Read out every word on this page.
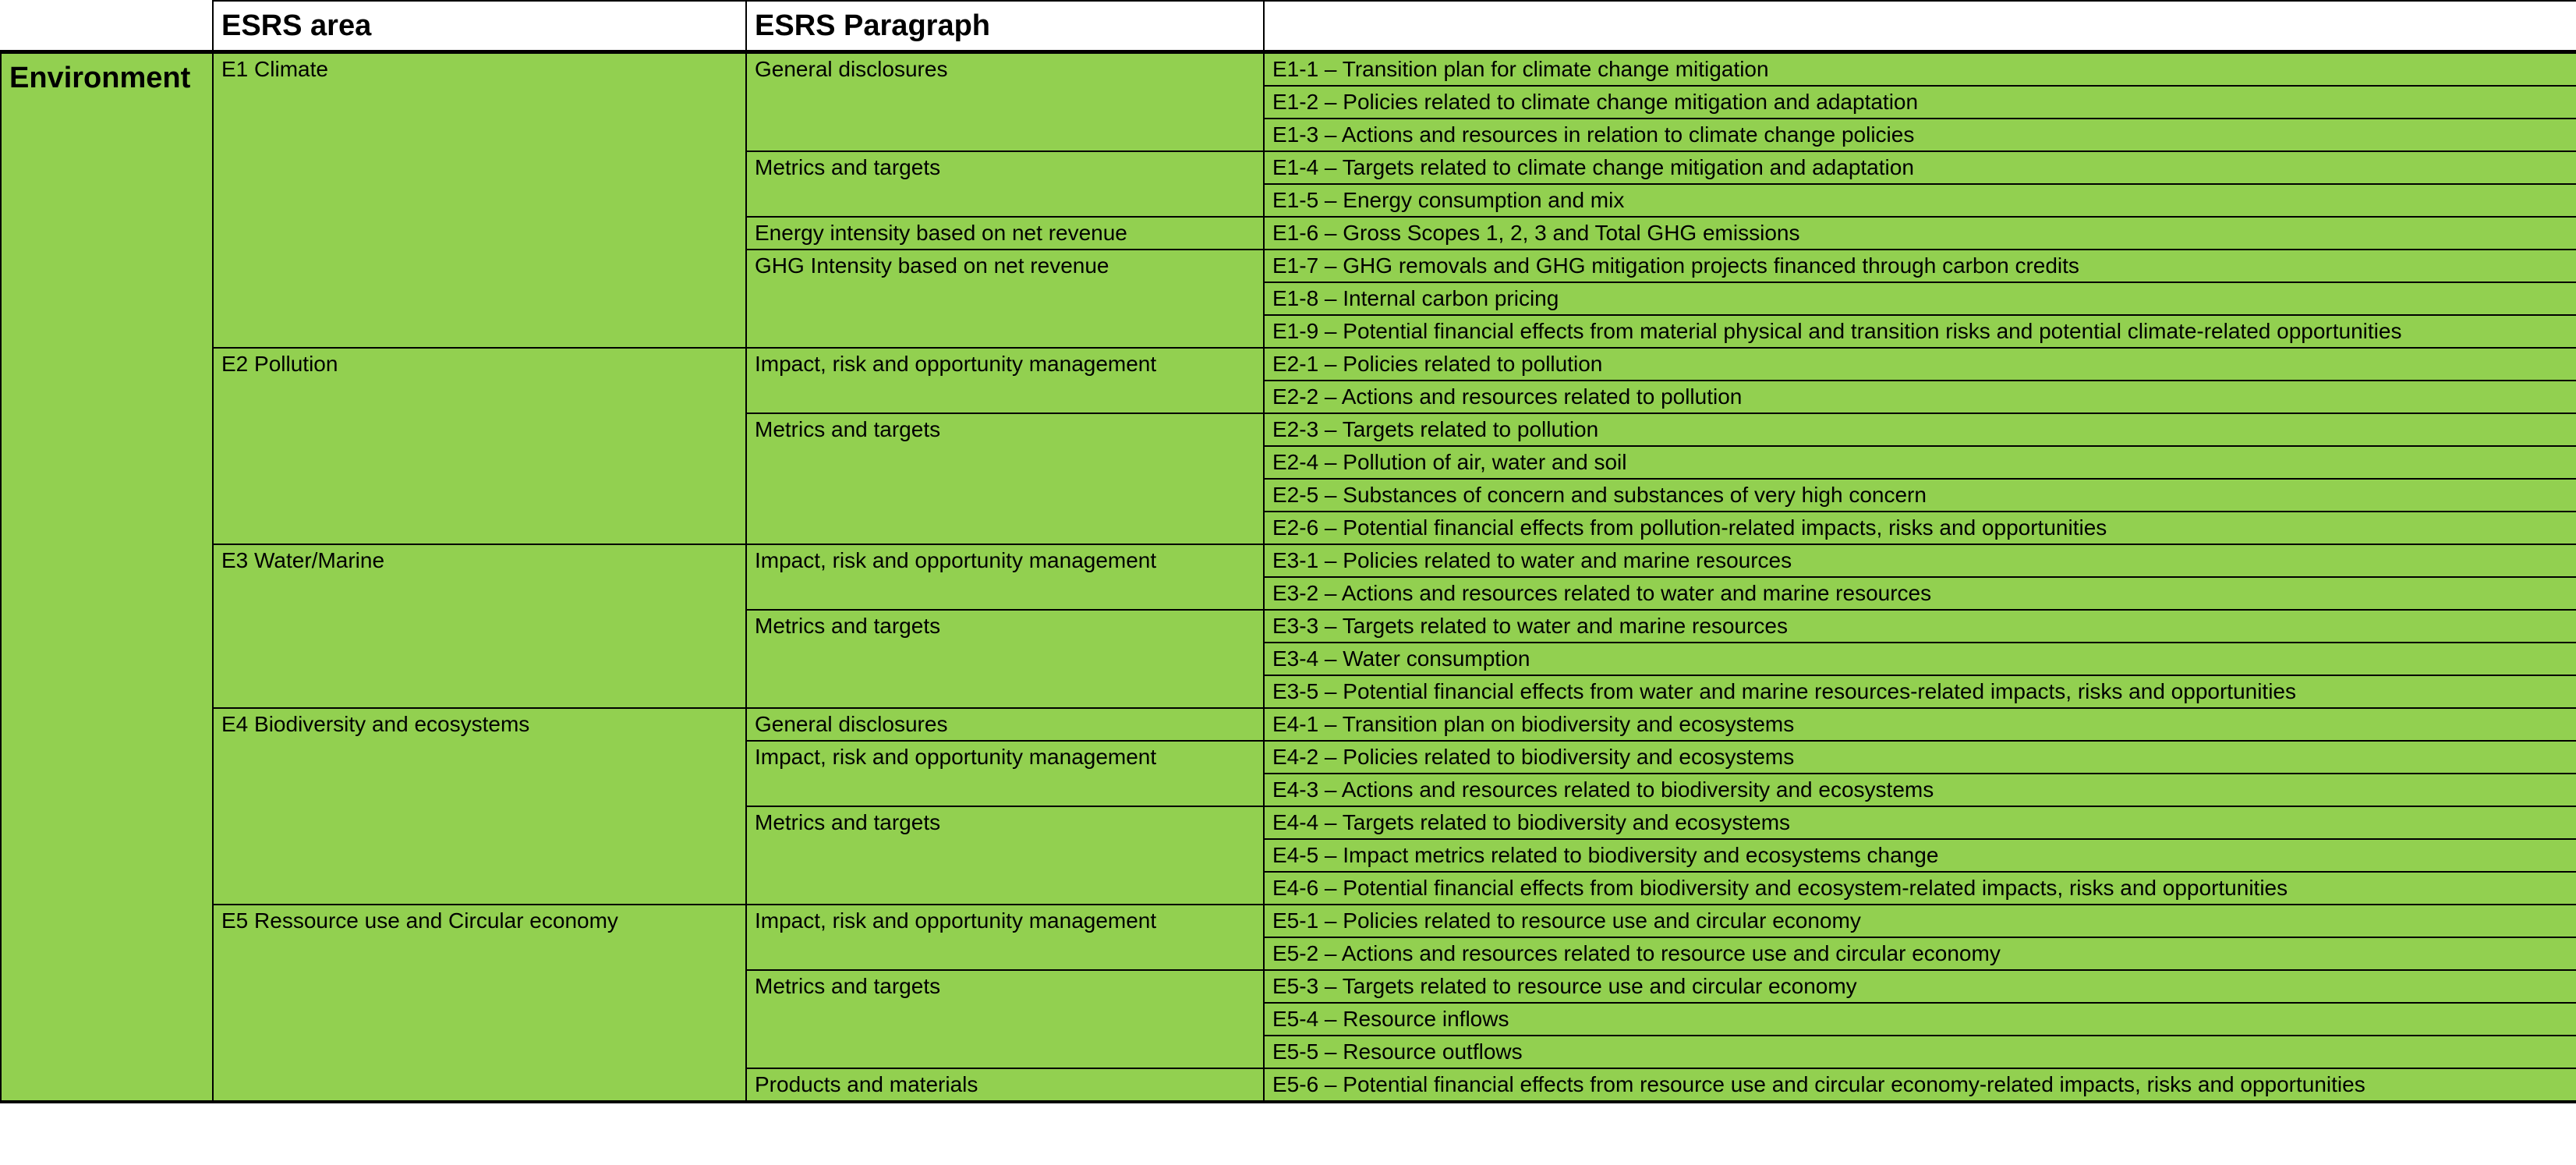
	ESRS area	ESRS Paragraph	
Environment	E1 Climate	General disclosures	E1-1 – Transition plan for climate change mitigation
			E1-2 – Policies related to climate change mitigation and adaptation
			E1-3 – Actions and resources in relation to climate change policies
		Metrics and targets	E1-4 – Targets related to climate change mitigation and adaptation
			E1-5 – Energy consumption and mix
		Energy intensity based on net revenue	E1-6 – Gross Scopes 1, 2, 3 and Total GHG emissions
		GHG Intensity based on net revenue	E1-7 – GHG removals and GHG mitigation projects financed through carbon credits
			E1-8 – Internal carbon pricing
			E1-9 – Potential financial effects from material physical and transition risks and potential climate-related opportunities
	E2 Pollution	Impact, risk and opportunity management	E2-1 – Policies related to pollution
			E2-2 – Actions and resources related to pollution
		Metrics and targets	E2-3 – Targets related to pollution
			E2-4 – Pollution of air, water and soil
			E2-5 – Substances of concern and substances of very high concern
			E2-6 – Potential financial effects from pollution-related impacts, risks and opportunities
	E3 Water/Marine	Impact, risk and opportunity management	E3-1 – Policies related to water and marine resources
			E3-2 – Actions and resources related to water and marine resources
		Metrics and targets	E3-3 – Targets related to water and marine resources
			E3-4 – Water consumption
			E3-5 – Potential financial effects from water and marine resources-related impacts, risks and opportunities
	E4 Biodiversity and ecosystems	General disclosures	E4-1 – Transition plan on biodiversity and ecosystems
		Impact, risk and opportunity management	E4-2 – Policies related to biodiversity and ecosystems
			E4-3 – Actions and resources related to biodiversity and ecosystems
		Metrics and targets	E4-4 – Targets related to biodiversity and ecosystems
			E4-5 – Impact metrics related to biodiversity and ecosystems change
			E4-6 – Potential financial effects from biodiversity and ecosystem-related impacts, risks and opportunities
	E5 Ressource use and Circular economy	Impact, risk and opportunity management	E5-1 – Policies related to resource use and circular economy
			E5-2 – Actions and resources related to resource use and circular economy
		Metrics and targets	E5-3 – Targets related to resource use and circular economy
			E5-4 – Resource inflows
			E5-5 – Resource outflows
		Products and materials	E5-6 – Potential financial effects from resource use and circular economy-related impacts, risks and opportunities
